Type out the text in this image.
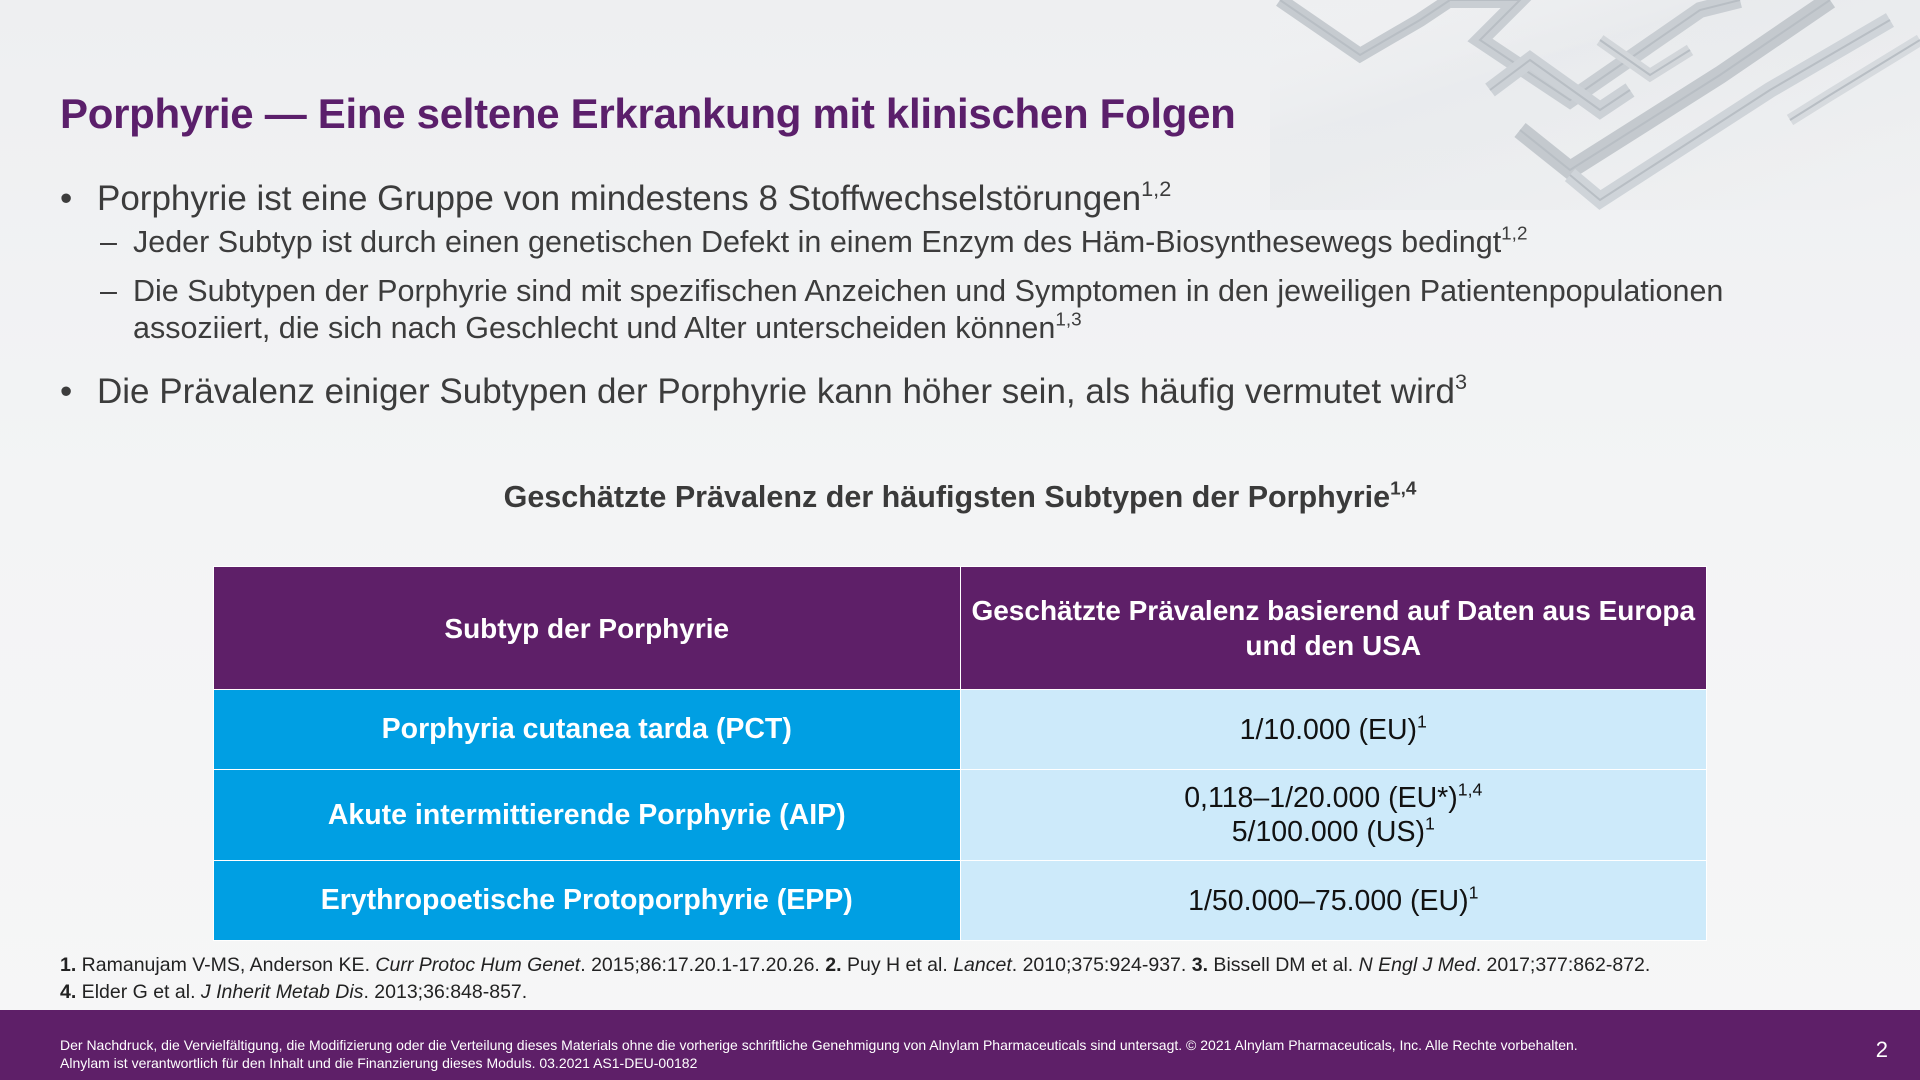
Porphyrie — Eine seltene Erkrankung mit klinischen Folgen
• Porphyrie ist eine Gruppe von mindestens 8 Stoffwechselstörungen$^{1,2}$
– Jeder Subtyp ist durch einen genetischen Defekt in einem Enzym des Häm-Biosynthesewegs bedingt$^{1,2}$
– Die Subtypen der Porphyrie sind mit spezifischen Anzeichen und Symptomen in den jeweiligen Patientenpopulationen
assoziiert, die sich nach Geschlecht und Alter unterscheiden können$^{1,3}$
• Die Prävalenz einiger Subtypen der Porphyrie kann höher sein, als häufig vermutet wird$^3$

Geschätzte Prävalenz der häufigsten Subtypen der Porphyrie$^{1,4}$

Subtyp der Porphyrie	Geschätzte Prävalenz basierend auf Daten aus Europa
und den USA
Porphyria cutanea tarda (PCT)	1/10.000 (EU)$^1$
Akute intermittierende Porphyrie (AIP)	0,118–1/20.000 $(EU*)^{1,4}$
5/100.000 (US)$^1$
Erythropoetische Protoporphyrie (EPP)	1/50.000–75.000 (EU)$^1$
1. Ramanujam V-MS, Anderson KE. Curr Protoc Hum Genet. 2015;86:17.20.1-17.20.26. 2. Puy H et al. Lancet. 2010;375:924-937. 3. Bissell DM et al. N Engl J Med. 2017;377:862-872.
4. Elder G et al. J Inherit Metab Dis. 2013;36:848-857.
Der Nachdruck, die Vervielfältigung, die Modifizierung oder die Verteilung dieses Materials ohne die vorherige schriftliche Genehmigung von Alnylam Pharmaceuticals sind untersagt. © 2021 Alnylam Pharmaceuticals, Inc. Alle Rechte vorbehalten.
Alnylam ist verantwortlich für den Inhalt und die Finanzierung dieses Moduls. 03.2021 AS1-DEU-00182
2
